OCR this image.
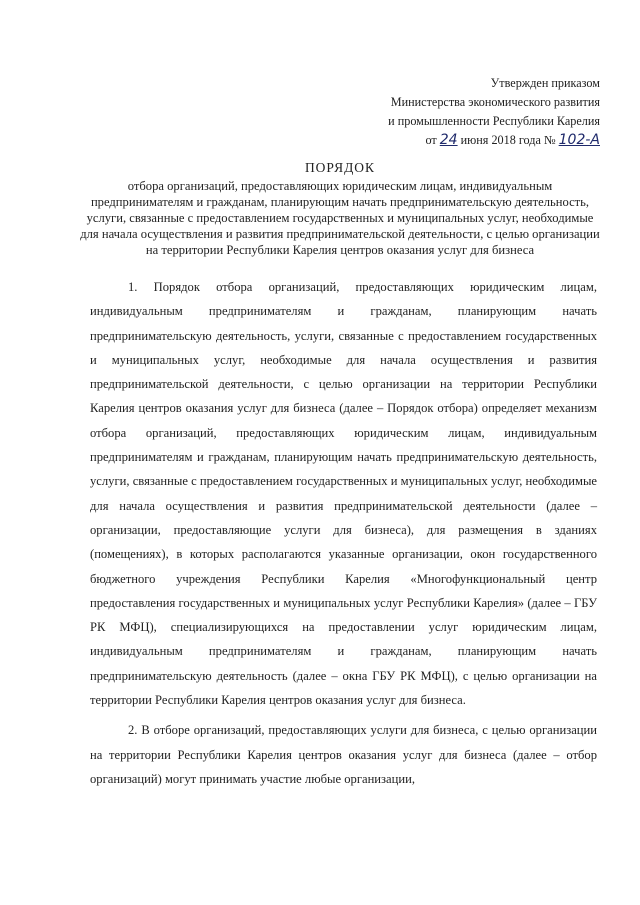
Утвержден приказом
Министерства экономического развития
и промышленности Республики Карелия
от 24 июня 2018 года № 102-А
ПОРЯДОК
отбора организаций, предоставляющих юридическим лицам, индивидуальным предпринимателям и гражданам, планирующим начать предпринимательскую деятельность, услуги, связанные с предоставлением государственных и муниципальных услуг, необходимые для начала осуществления и развития предпринимательской деятельности, с целью организации на территории Республики Карелия центров оказания услуг для бизнеса

1. Порядок отбора организаций, предоставляющих юридическим лицам, индивидуальным предпринимателям и гражданам, планирующим начать предпринимательскую деятельность, услуги, связанные с предоставлением государственных и муниципальных услуг, необходимые для начала осуществления и развития предпринимательской деятельности, с целью организации на территории Республики Карелия центров оказания услуг для бизнеса (далее – Порядок отбора) определяет механизм отбора организаций, предоставляющих юридическим лицам, индивидуальным предпринимателям и гражданам, планирующим начать предпринимательскую деятельность, услуги, связанные с предоставлением государственных и муниципальных услуг, необходимые для начала осуществления и развития предпринимательской деятельности (далее – организации, предоставляющие услуги для бизнеса), для размещения в зданиях (помещениях), в которых располагаются указанные организации, окон государственного бюджетного учреждения Республики Карелия «Многофункциональный центр предоставления государственных и муниципальных услуг Республики Карелия» (далее – ГБУ РК МФЦ), специализирующихся на предоставлении услуг юридическим лицам, индивидуальным предпринимателям и гражданам, планирующим начать предпринимательскую деятельность (далее – окна ГБУ РК МФЦ), с целью организации на территории Республики Карелия центров оказания услуг для бизнеса.

2. В отборе организаций, предоставляющих услуги для бизнеса, с целью организации на территории Республики Карелия центров оказания услуг для бизнеса (далее – отбор организаций) могут принимать участие любые организации,
